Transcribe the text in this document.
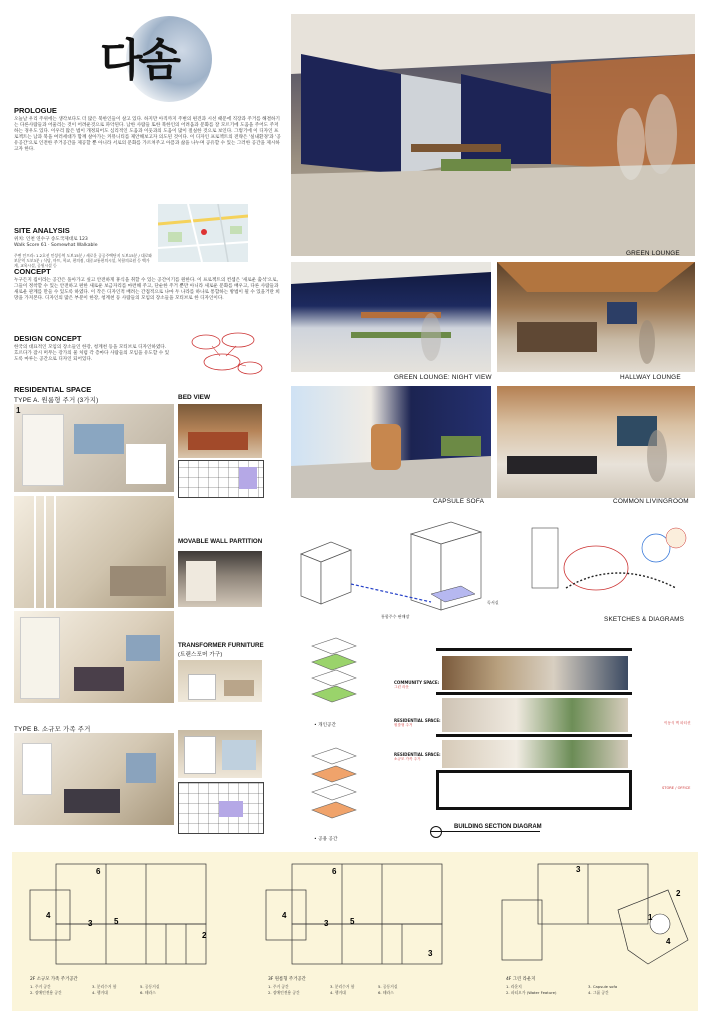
다솜
PROLOGUE
오늘날 우리 주위에는 생각보다도 더 많은 북한인들이 살고 있다. 하지만 아직까지 주변의 편견과 시선 때문에 직장과 주거를 해결하기는 다른사람들과 어울리는 것이 어려운것으로 파악된다. 남한 사람들 또한 북한인의 어려움과 문화를 잘 모르기에 도움을 주어도 주저하는 경우도 있다. 이우리 많은 법이 개정되어도 심리적인 도움과 이웃과의 도움이 많이 절실한 것으로 보인다. 그렇기에 이 디자인 프로젝트는 남과 북을 여러세대가 함께 살아가는 커뮤니티를 제안해보고자 의도된 것이다. 이 디자인 프로젝트의 전략은 '실내환경'과 '공유공간'으로 인전한 주거공간을 제공할 뿐 아니라 서로의 문화를 가르쳐주고 아픔과 삶을 나누며 공유할 수 있는 그러한 공간을 제시하고자 한다.
SITE ANALYSIS
위치: 인천 연수구 송도국제대로 123
Walk Score 61 · Somewhat Walkable
주변 인프라: 1.2호선 인성동역 도보15분 / 새로운 공공주택단지 도보15분 / 대로와 보문역 도보3분 / 식당, 마트, 학교, 편의점, 대중교통편의시설, 복합의료원 등 백가게, 교육시설, 공원시설 등
CONCEPT
누구든지 집이라는 공간은 돌아가고 싶고 안전하게 휴식을 취할 수 있는 공간이기를 원한다. 이 프로젝트의 컨셉은 '새로운 출석'으로, 그들이 정착할 수 있는 안전하고 편한 새로운 보금자리를 마련해 주고, 단순한 주거 뿐만 아니라 새로운 문화를 배우고, 다른 사람들과 새로운 관계를 만들 수 있도록 하였다. 이 작은 디자인적 배려는 간접적으로 나마 두 나라를 하나로 통합하는 방법이 될 수 있을거란 희망을 가져본다. 디자인의 많은 부분이 한강, 청계천 등 사람들의 모임의 장소들을 모티브로 한 디자인이다.
DESIGN CONCEPT
한국의 대표적인 모임의 장소들인 한강, 청계천 등을 모티브로 디자인하였다. 흐르다가 잠시 머무는 강가의 물 처럼 각 층마다 사람들의 모임을 유도할 수 있도록 마루는 공간으로 디자인 되어있다.
RESIDENTIAL SPACE
TYPE A. 원룸형 주거 (3가지)	BED VIEW
1
MOVABLE WALL PARTITION
TRANSFORMER FURNITURE
(트랜스포머 가구)
TYPE B. 소규모 가족 주거
GREEN LOUNGE
GREEN LOUNGE: NIGHT VIEW	HALLWAY LOUNGE
CAPSULE SOFA	COMMON LIVINGROOM
통합주수 판매장
독서실
SKETCHES & DIAGRAMS
• 개인공간
• 공용 공간
COMMUNITY SPACE:
그린 라운
RESIDENTIAL SPACE:
원룸형 주거
RESIDENTIAL SPACE:
소규모 가족 주거
이동식 벽 파티션
STORE / OFFICE
BUILDING SECTION DIAGRAM
6
4
3
2
5
6
4
3
3
5
3
1
4
2
2F 소규모 가족 주거공간
1. 주거 공간
2. 장애인전용 공간
3. 분리수거 함
4. 행거대
5. 공동거실
6. 테라스
3F 원룸형 주거공간
1. 주거 공간
2. 장애인전용 공간
3. 분리수거 함
4. 행거대
5. 공동거실
6. 테라스
4F 그린 라운지
1. 라운지
2. 파티오가 (Water Feature)
3. Capsule sofa
4. 그룹 공간
